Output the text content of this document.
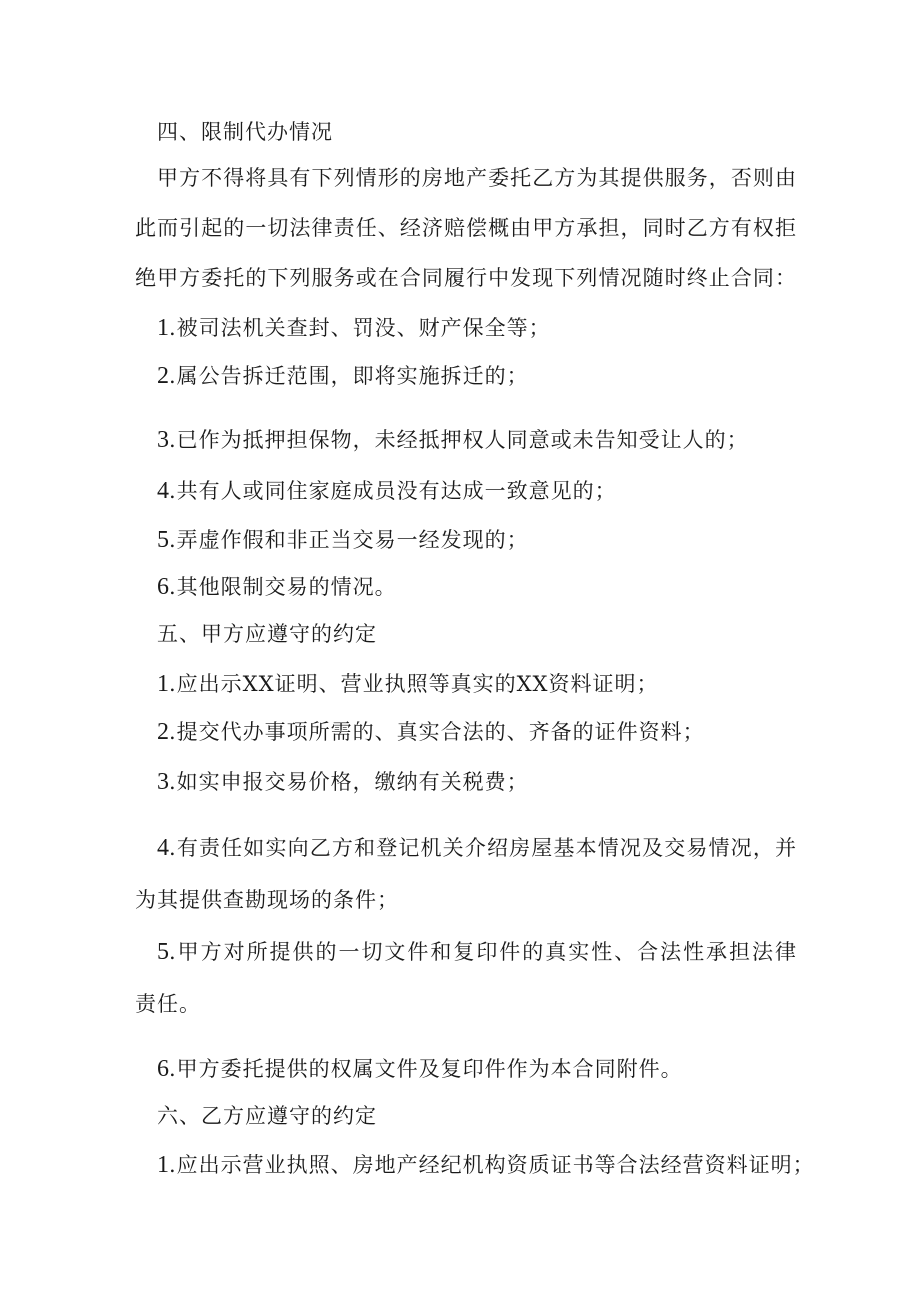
四、限制代办情况
甲方不得将具有下列情形的房地产委托乙方为其提供服务，否则由
此而引起的一切法律责任、经济赔偿概由甲方承担，同时乙方有权拒
绝甲方委托的下列服务或在合同履行中发现下列情况随时终止合同：
1.被司法机关查封、罚没、财产保全等；
2.属公告拆迁范围，即将实施拆迁的；
3.已作为抵押担保物，未经抵押权人同意或未告知受让人的；
4.共有人或同住家庭成员没有达成一致意见的；
5.弄虚作假和非正当交易一经发现的；
6.其他限制交易的情况。
五、甲方应遵守的约定
1.应出示XX证明、营业执照等真实的XX资料证明；
2.提交代办事项所需的、真实合法的、齐备的证件资料；
3.如实申报交易价格，缴纳有关税费；
4.有责任如实向乙方和登记机关介绍房屋基本情况及交易情况，并
为其提供查勘现场的条件；
5.甲方对所提供的一切文件和复印件的真实性、合法性承担法律
责任。
6.甲方委托提供的权属文件及复印件作为本合同附件。
六、乙方应遵守的约定
1.应出示营业执照、房地产经纪机构资质证书等合法经营资料证明；
